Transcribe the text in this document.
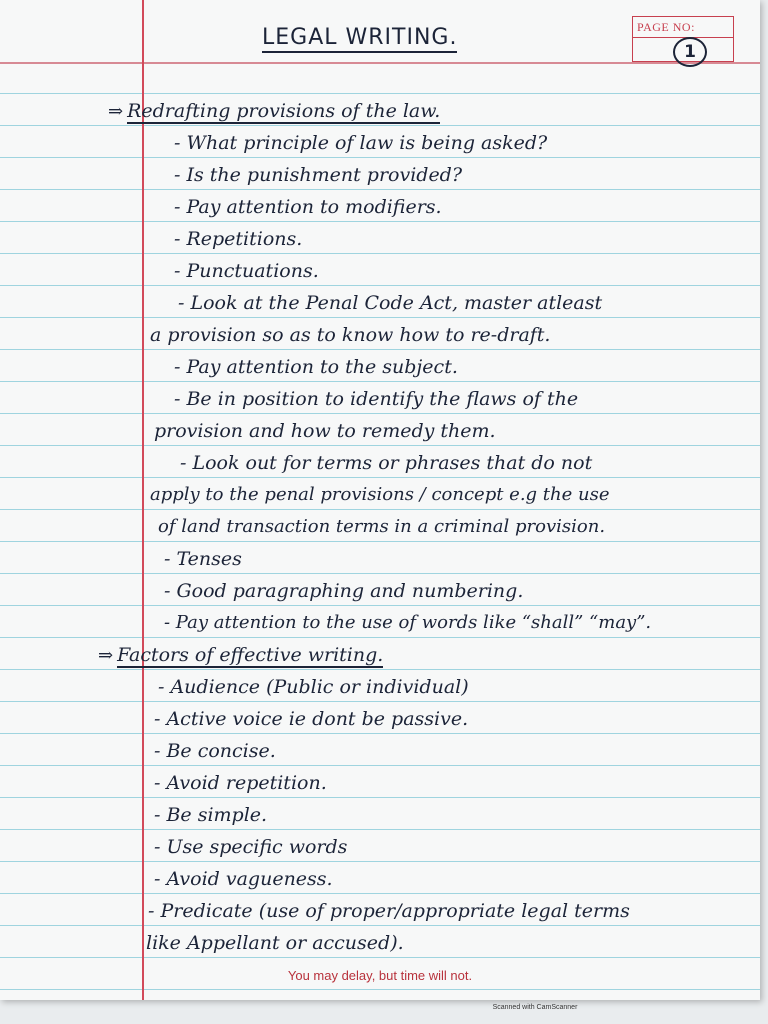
PAGE NO:
1
LEGAL WRITING.
⇒ Redrafting provisions of the law.
- What principle of law is being asked?
- Is the punishment provided?
- Pay attention to modifiers.
- Repetitions.
- Punctuations.
- Look at the Penal Code Act, master atleast
a provision so as to know how to re-draft.
- Pay attention to the subject.
- Be in position to identify the flaws of the
provision and how to remedy them.
- Look out for terms or phrases that do not
apply to the penal provisions / concept e.g the use
of land transaction terms in a criminal provision.
- Tenses
- Good paragraphing and numbering.
- Pay attention to the use of words like “shall” “may”.
⇒ Factors of effective writing.
- Audience (Public or individual)
- Active voice ie dont be passive.
- Be concise.
- Avoid repetition.
- Be simple.
- Use specific words
- Avoid vagueness.
- Predicate (use of proper/appropriate legal terms
like Appellant or accused).
You may delay, but time will not.
Scanned with CamScanner
